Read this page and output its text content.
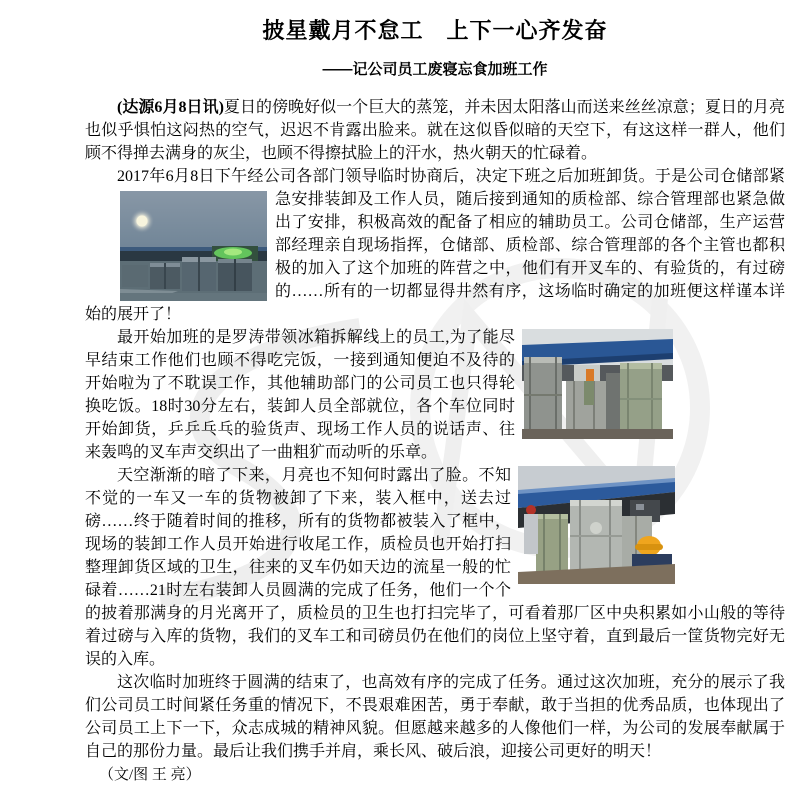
披星戴月不怠工　上下一心齐发奋
——记公司员工废寝忘食加班工作

(达源6月8日讯)夏日的傍晚好似一个巨大的蒸笼，并未因太阳落山而送来丝丝凉意；夏日的月亮也似乎惧怕这闷热的空气，迟迟不肯露出脸来。就在这似昏似暗的天空下，有这这样一群人，他们顾不得掸去满身的灰尘，也顾不得擦拭脸上的汗水，热火朝天的忙碌着。

2017年6月8日下午经公司各部门领导临时协商后，决定下班之后加班卸货。
于是公司仓储部紧急安排装卸及工作人员，随后接到通知的质检部、综合管理部也紧急做出了安排，积极高效的配备了相应的辅助员工。公司仓储部，生产运营部经理亲自现场指挥，仓储部、质检部、综合管理部的各个主管也都积极的加入了这个加班的阵营之中，他们有开叉车的、有验货的，有过磅的……所有的一切都显得井然有序，这场临时确定的加班便这样谨本详始的展开了！

最开始加班的是罗涛带领冰箱拆解线上的员工,为了能尽早结束工作他们也顾不得吃完饭，一接到通知便迫不及待的开始啦为了不耽误工作，其他辅助部门的公司员工也只得轮换吃饭。18时30分左右，装卸人员全部就位，各个车位同时开始卸货，乒乒乓乓的验货声、现场工作人员的说话声、往来轰鸣的叉车声交织出了一曲粗犷而动听的乐章。

天空渐渐的暗了下来，月亮也不知何时露出了脸。不知不觉的一车又一车的货物被卸了下来，装入框中，送去过磅……终于随着时间的推移，所有的货物都被装入了框中，现场的装卸工作人员开始进行收尾工作，质检员也开始打扫整理卸货区域的卫生，往来的叉车仍如天边的流星一般的忙碌着……21时左右装卸人员圆满的完成了任务，他们一个个的披着那满身的月光离开了，质检员的卫生也打扫完毕了，可看着那厂区中央积累如小山般的等待着过磅与入库的货物，我们的叉车工和司磅员仍在他们的岗位上坚守着，直到最后一筐货物完好无误的入库。

这次临时加班终于圆满的结束了，也高效有序的完成了任务。通过这次加班，充分的展示了我们公司员工时间紧任务重的情况下，不畏艰难困苦，勇于奉献，敢于当担的优秀品质，也体现出了公司员工上下一下，众志成城的精神风貌。但愿越来越多的人像他们一样，为公司的发展奉献属于自己的那份力量。最后让我们携手并肩，乘长风、破后浪，迎接公司更好的明天！

（文/图 王 亮）
